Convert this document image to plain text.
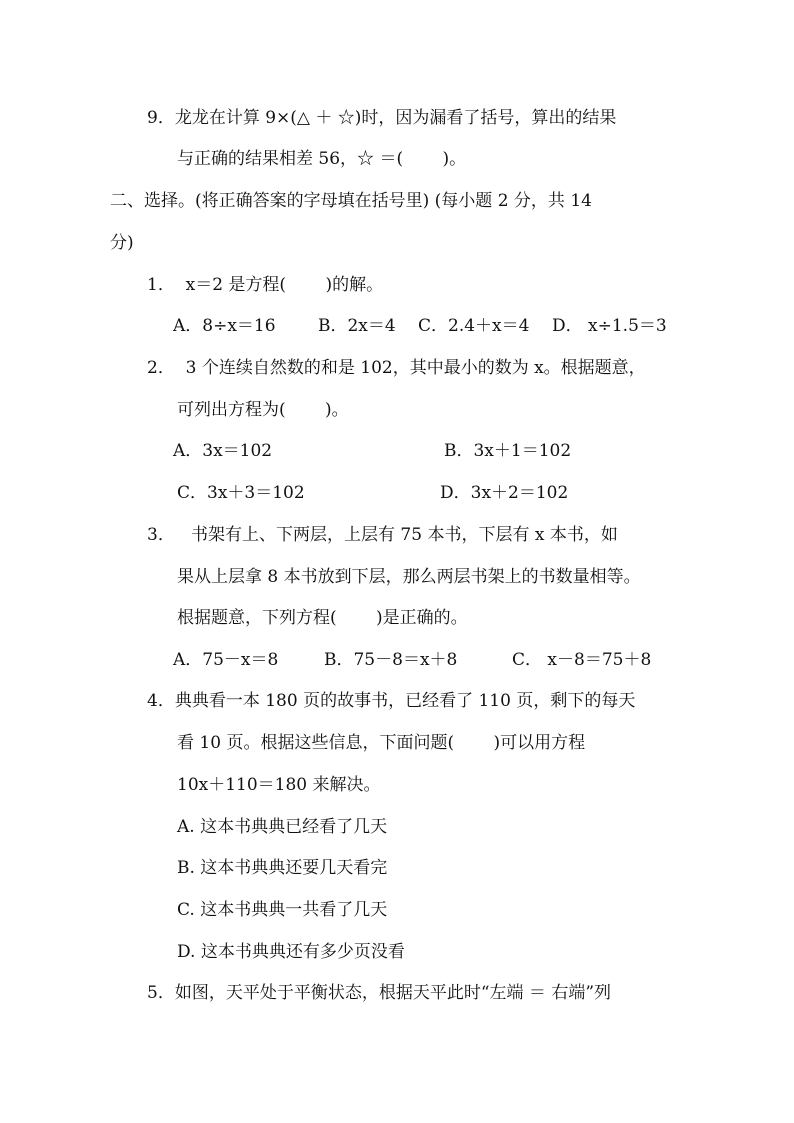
9．龙龙在计算 9×(△ ＋ ☆)时，因为漏看了括号，算出的结果
与正确的结果相差 56，☆ ＝(　　 )。
二、选择。(将正确答案的字母填在括号里) (每小题 2 分，共 14
分)
1．  x＝2 是方程(　　 )的解。
A．8÷x＝16 B．2x＝4 C．2.4＋x＝4 D． x÷1.5＝3
2．  3 个连续自然数的和是 102，其中最小的数为 x。根据题意，
可列出方程为(　　 )。
A．3x＝102	B．3x＋1＝102
C．3x＋3＝102	D．3x＋2＝102
3．   书架有上、下两层，上层有 75 本书，下层有 x 本书，如
果从上层拿 8 本书放到下层，那么两层书架上的书数量相等。
根据题意，下列方程(　　 )是正确的。
A．75－x＝8	B．75－8＝x＋8	C． x－8＝75＋8
4．典典看一本 180 页的故事书，已经看了 110 页，剩下的每天
看 10 页。根据这些信息，下面问题(　　 )可以用方程
10x＋110＝180 来解决。
A. 这本书典典已经看了几天
B. 这本书典典还要几天看完
C. 这本书典典一共看了几天
D. 这本书典典还有多少页没看
5．如图，天平处于平衡状态，根据天平此时“左端 ＝ 右端”列
